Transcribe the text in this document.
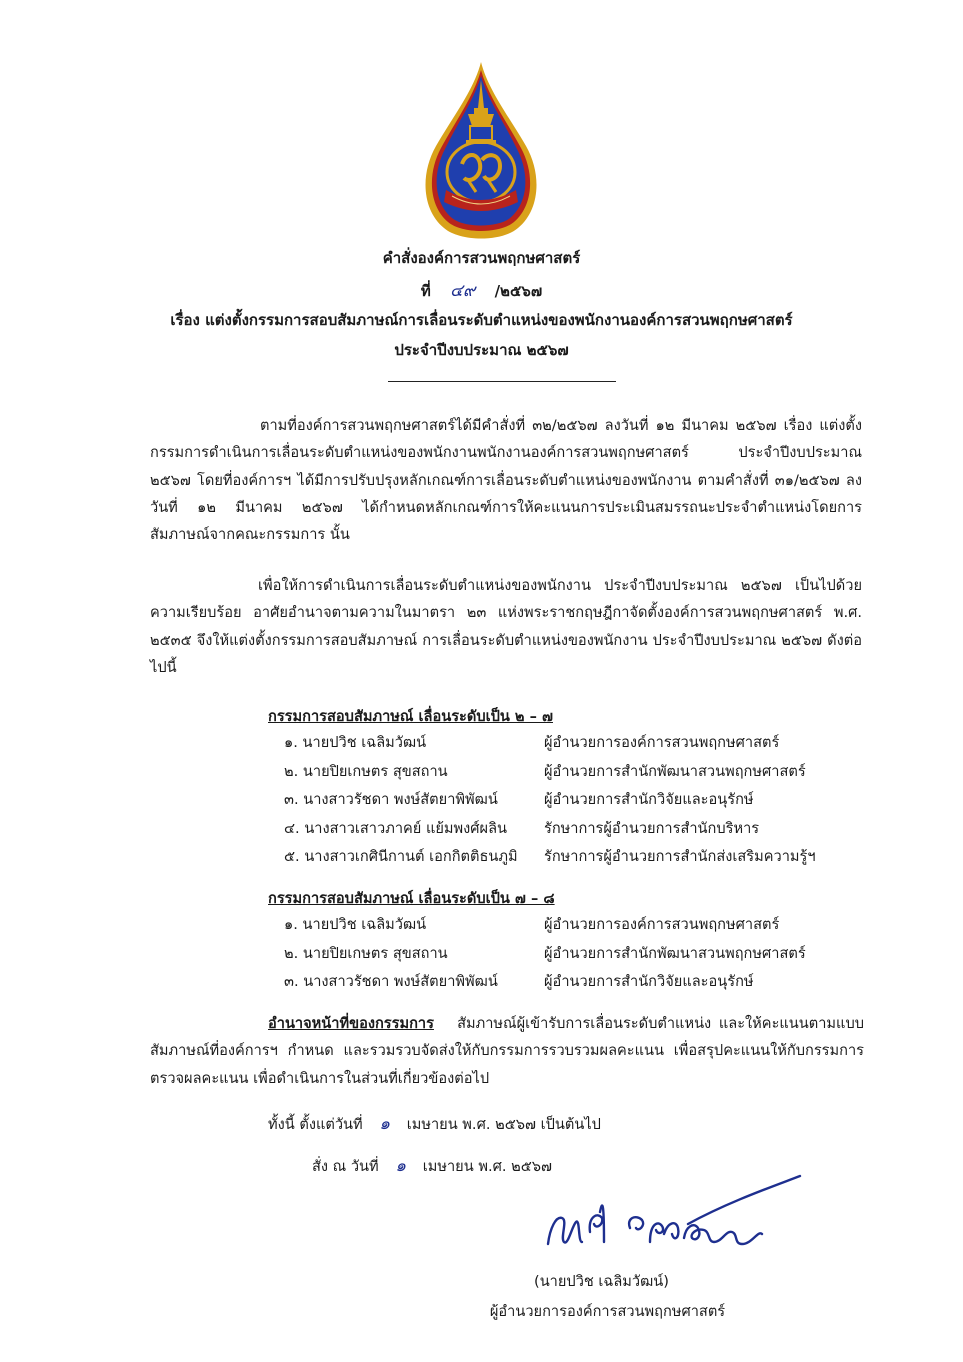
คำสั่งองค์การสวนพฤกษศาสตร์
ที่ ๔๙ /๒๕๖๗
เรื่อง แต่งตั้งกรรมการสอบสัมภาษณ์การเลื่อนระดับตำแหน่งของพนักงานองค์การสวนพฤกษศาสตร์
ประจำปีงบประมาณ ๒๕๖๗
ตามที่องค์การสวนพฤกษศาสตร์ได้มีคำสั่งที่ ๓๒/๒๕๖๗ ลงวันที่ ๑๒ มีนาคม ๒๕๖๗ เรื่อง แต่งตั้งกรรมการดำเนินการเลื่อนระดับตำแหน่งของพนักงานพนักงานองค์การสวนพฤกษศาสตร์ ประจำปีงบประมาณ ๒๕๖๗ โดยที่องค์การฯ ได้มีการปรับปรุงหลักเกณฑ์การเลื่อนระดับตำแหน่งของพนักงาน ตามคำสั่งที่ ๓๑/๒๕๖๗ ลงวันที่ ๑๒ มีนาคม ๒๕๖๗ ได้กำหนดหลักเกณฑ์การให้คะแนนการประเมินสมรรถนะประจำตำแหน่งโดยการสัมภาษณ์จากคณะกรรมการ นั้น
เพื่อให้การดำเนินการเลื่อนระดับตำแหน่งของพนักงาน ประจำปีงบประมาณ ๒๕๖๗ เป็นไปด้วยความเรียบร้อย อาศัยอำนาจตามความในมาตรา ๒๓ แห่งพระราชกฤษฎีกาจัดตั้งองค์การสวนพฤกษศาสตร์ พ.ศ. ๒๕๓๕ จึงให้แต่งตั้งกรรมการสอบสัมภาษณ์ การเลื่อนระดับตำแหน่งของพนักงาน ประจำปีงบประมาณ ๒๕๖๗ ดังต่อไปนี้
กรรมการสอบสัมภาษณ์ เลื่อนระดับเป็น ๒ – ๗
๑. นายปวิช เฉลิมวัฒน์	ผู้อำนวยการองค์การสวนพฤกษศาสตร์
๒. นายปิยเกษตร สุขสถาน	ผู้อำนวยการสำนักพัฒนาสวนพฤกษศาสตร์
๓. นางสาวรัชดา พงษ์สัตยาพิพัฒน์	ผู้อำนวยการสำนักวิจัยและอนุรักษ์
๔. นางสาวเสาวภาคย์ แย้มพงศ์ผลิน	รักษาการผู้อำนวยการสำนักบริหาร
๕. นางสาวเกศินีกานต์ เอกกิตติธนภูมิ รักษาการผู้อำนวยการสำนักส่งเสริมความรู้ฯ
กรรมการสอบสัมภาษณ์ เลื่อนระดับเป็น ๗ – ๘
๑. นายปวิช เฉลิมวัฒน์	ผู้อำนวยการองค์การสวนพฤกษศาสตร์
๒. นายปิยเกษตร สุขสถาน	ผู้อำนวยการสำนักพัฒนาสวนพฤกษศาสตร์
๓. นางสาวรัชดา พงษ์สัตยาพิพัฒน์	ผู้อำนวยการสำนักวิจัยและอนุรักษ์
อำนาจหน้าที่ของกรรมการ สัมภาษณ์ผู้เข้ารับการเลื่อนระดับตำแหน่ง และให้คะแนนตามแบบสัมภาษณ์ที่องค์การฯ กำหนด และรวมรวบจัดส่งให้กับกรรมการรวบรวมผลคะแนน เพื่อสรุปคะแนนให้กับกรรมการตรวจผลคะแนน เพื่อดำเนินการในส่วนที่เกี่ยวข้องต่อไป
ทั้งนี้ ตั้งแต่วันที่ ๑ เมษายน พ.ศ. ๒๕๖๗ เป็นต้นไป
สั่ง ณ วันที่ ๑ เมษายน พ.ศ. ๒๕๖๗
(นายปวิช เฉลิมวัฒน์)
ผู้อำนวยการองค์การสวนพฤกษศาสตร์
